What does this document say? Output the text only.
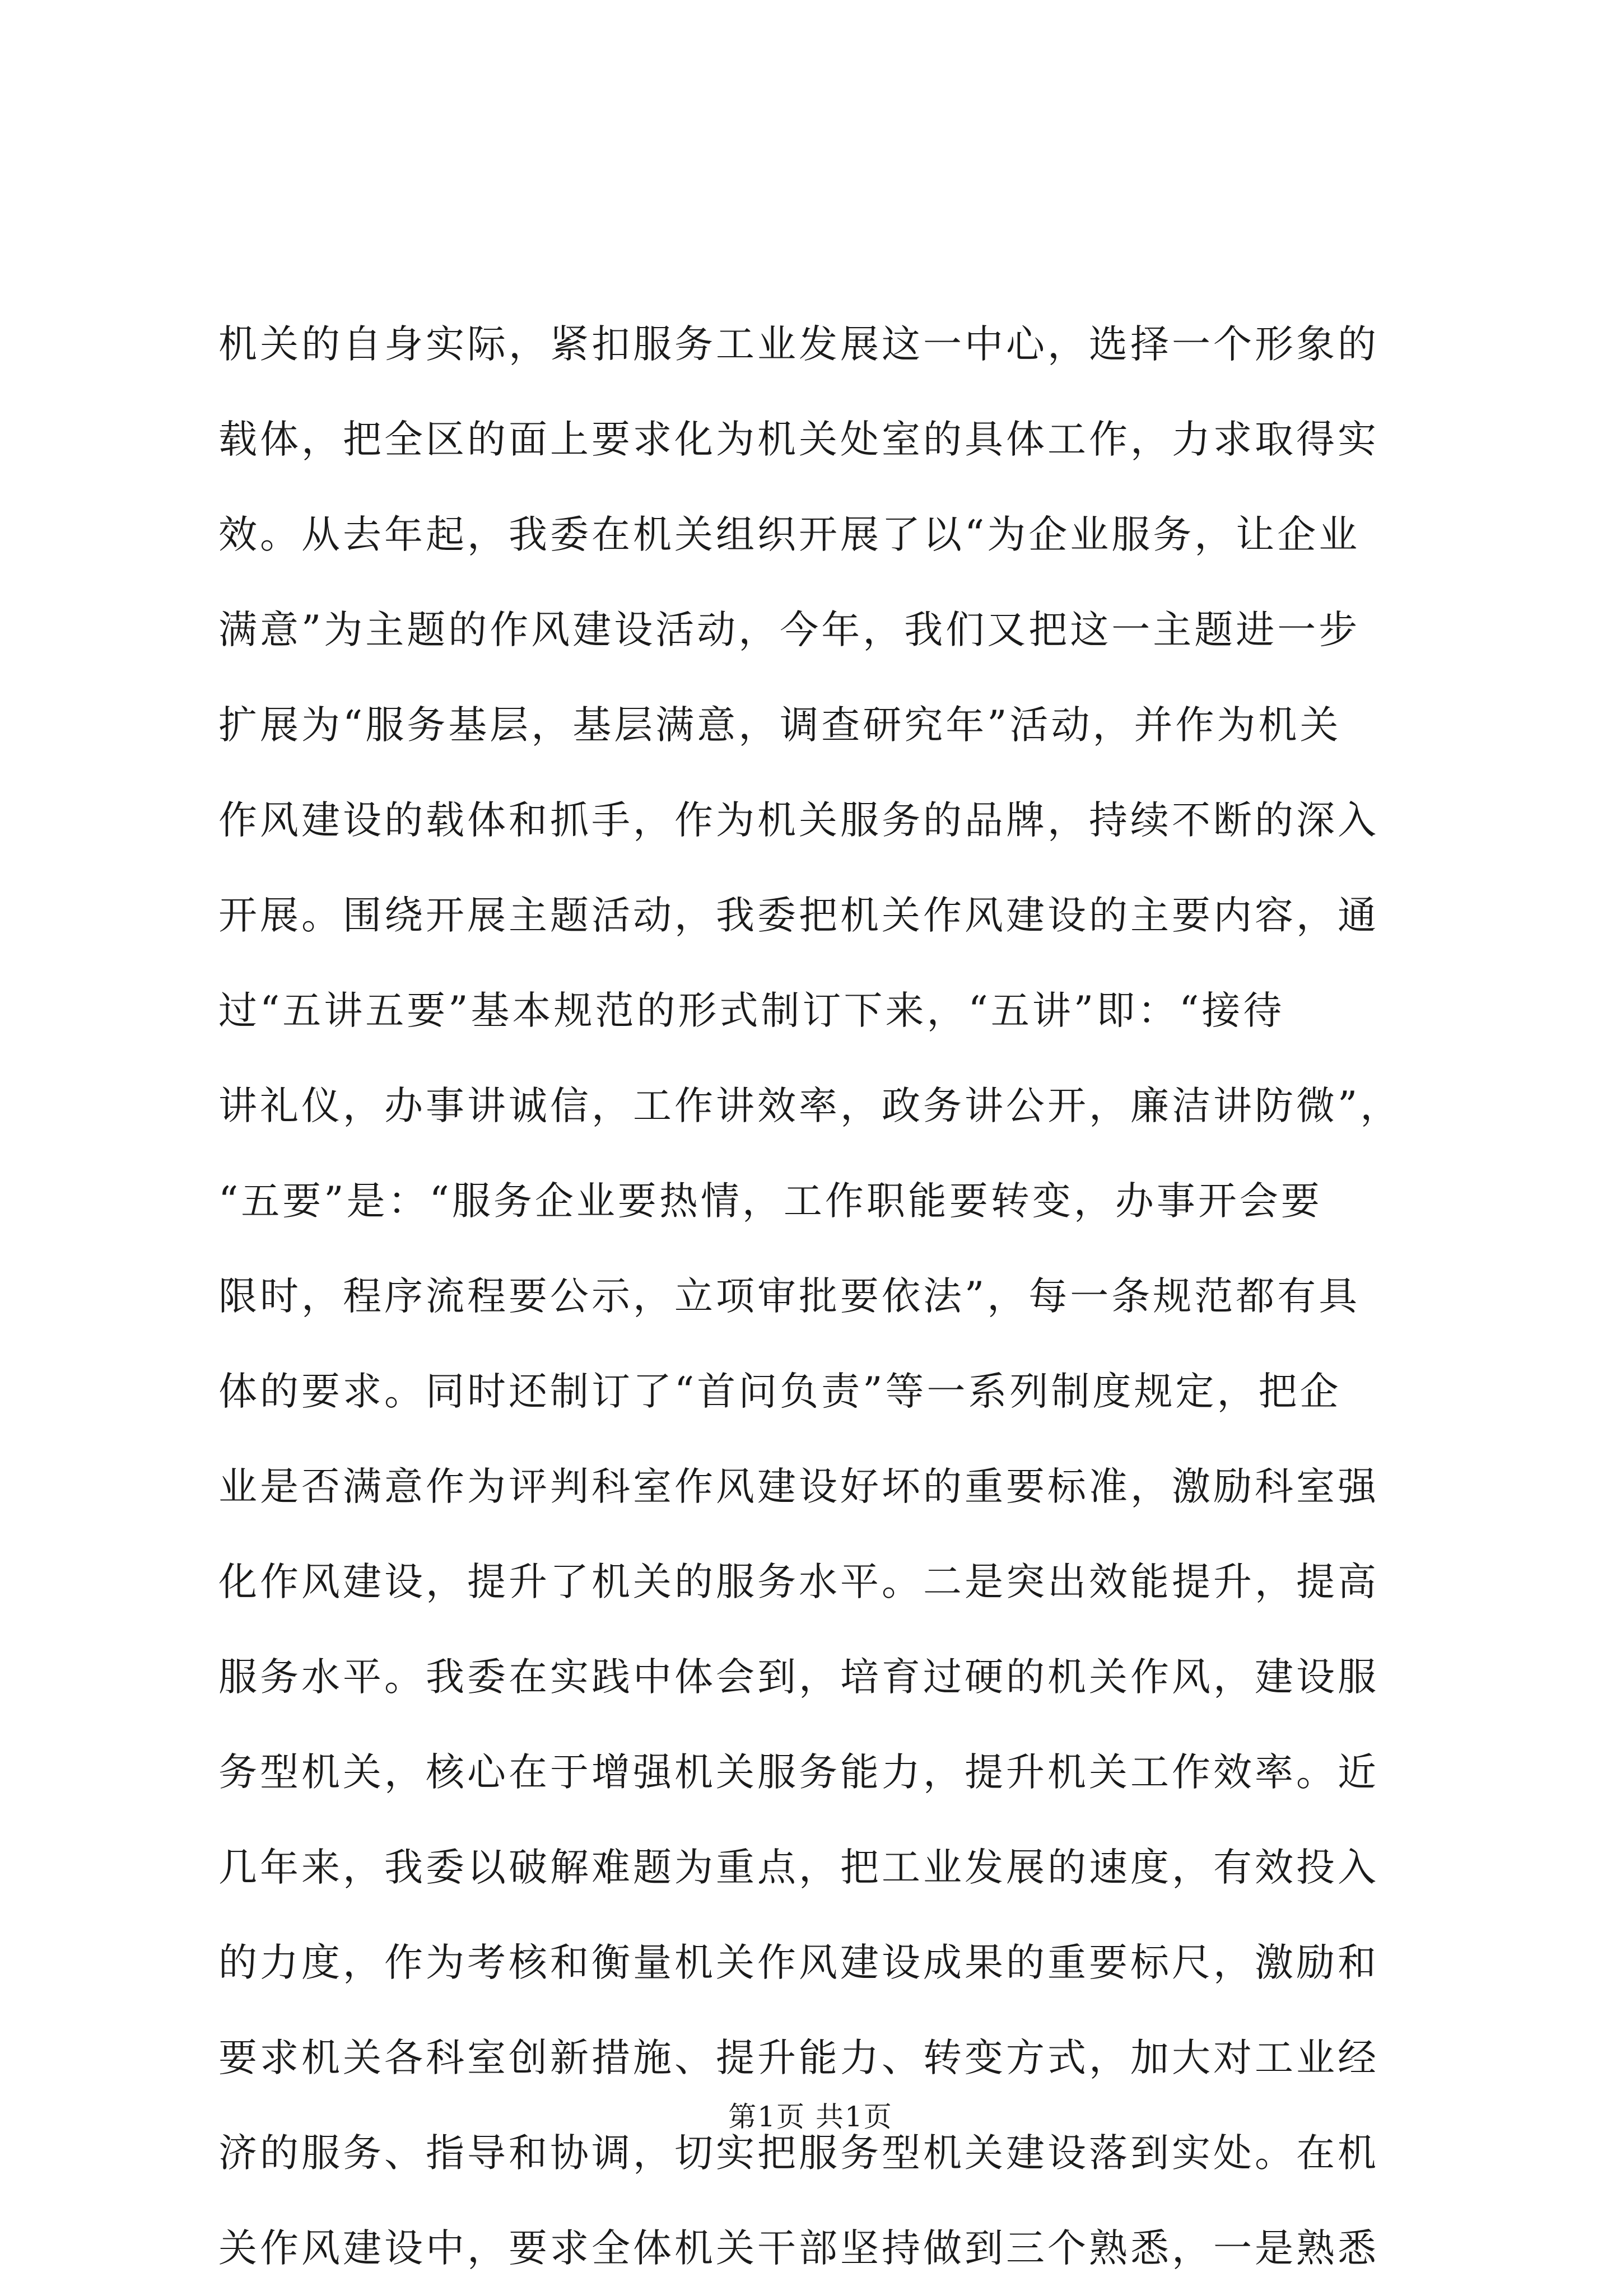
机关的自身实际，紧扣服务工业发展这一中心，选择一个形象的
载体，把全区的面上要求化为机关处室的具体工作，力求取得实
效。从去年起，我委在机关组织开展了以“为企业服务，让企业
满意”为主题的作风建设活动，今年，我们又把这一主题进一步
扩展为“服务基层，基层满意，调查研究年”活动，并作为机关
作风建设的载体和抓手，作为机关服务的品牌，持续不断的深入
开展。围绕开展主题活动，我委把机关作风建设的主要内容，通
过“五讲五要”基本规范的形式制订下来，“五讲”即：“接待
讲礼仪，办事讲诚信，工作讲效率，政务讲公开，廉洁讲防微”，
“五要”是：“服务企业要热情，工作职能要转变，办事开会要
限时，程序流程要公示，立项审批要依法”，每一条规范都有具
体的要求。同时还制订了“首问负责”等一系列制度规定，把企
业是否满意作为评判科室作风建设好坏的重要标准，激励科室强
化作风建设，提升了机关的服务水平。二是突出效能提升，提高
服务水平。我委在实践中体会到，培育过硬的机关作风，建设服
务型机关，核心在于增强机关服务能力，提升机关工作效率。近
几年来，我委以破解难题为重点，把工业发展的速度，有效投入
的力度，作为考核和衡量机关作风建设成果的重要标尺，激励和
要求机关各科室创新措施、提升能力、转变方式，加大对工业经
济的服务、指导和协调，切实把服务型机关建设落到实处。在机
关作风建设中，要求全体机关干部坚持做到三个熟悉，一是熟悉
第1页 共1页
